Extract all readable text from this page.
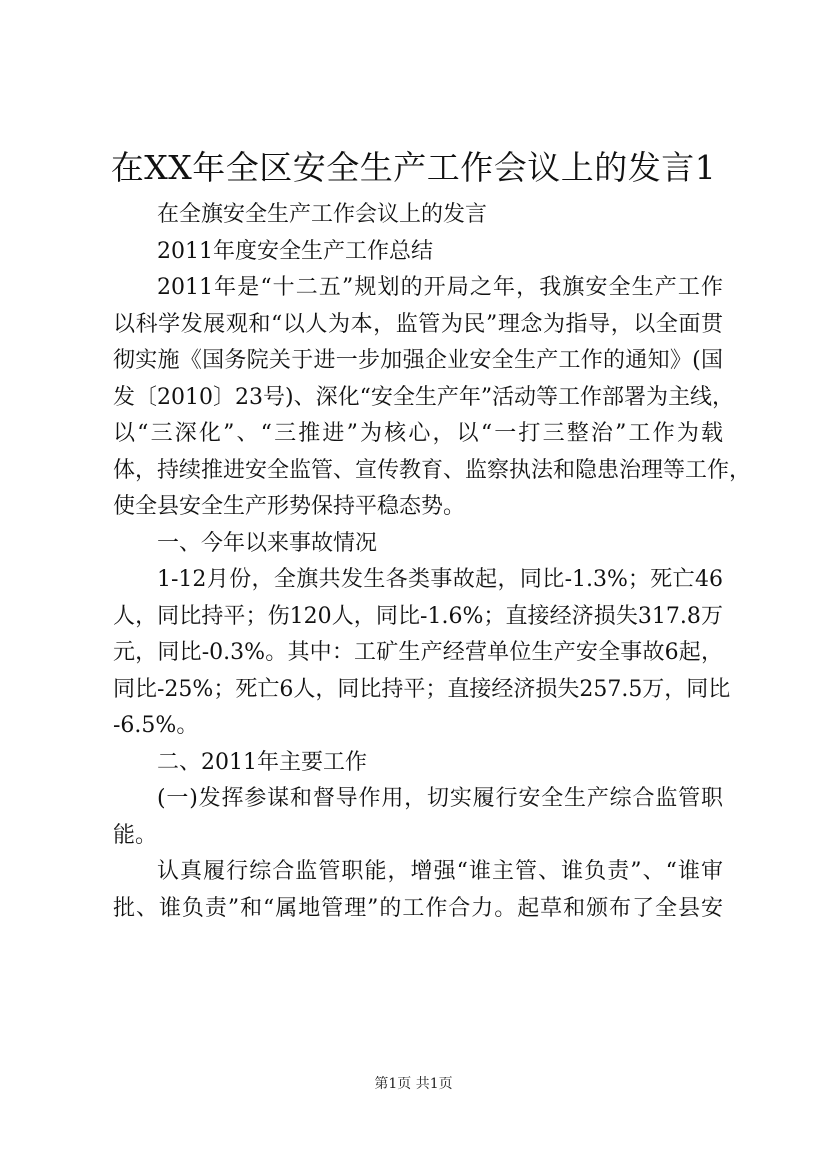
在XX年全区安全生产工作会议上的发言1
在全旗安全生产工作会议上的发言
2011年度安全生产工作总结
2011年是“十二五”规划的开局之年，我旗安全生产工作
以科学发展观和“以人为本，监管为民”理念为指导，以全面贯
彻实施《国务院关于进一步加强企业安全生产工作的通知》(国
发〔2010〕23号)、深化“安全生产年”活动等工作部署为主线，
以“三深化”、“三推进”为核心，以“一打三整治”工作为载
体，持续推进安全监管、宣传教育、监察执法和隐患治理等工作，
使全县安全生产形势保持平稳态势。
一、今年以来事故情况
1-12月份，全旗共发生各类事故起，同比-1.3%；死亡46
人，同比持平；伤120人，同比-1.6%；直接经济损失317.8万
元，同比-0.3%。其中：工矿生产经营单位生产安全事故6起，
同比-25%；死亡6人，同比持平；直接经济损失257.5万，同比
-6.5%。
二、2011年主要工作
(一)发挥参谋和督导作用，切实履行安全生产综合监管职
能。
认真履行综合监管职能，增强“谁主管、谁负责”、“谁审
批、谁负责”和“属地管理”的工作合力。起草和颁布了全县安
第1页 共1页
